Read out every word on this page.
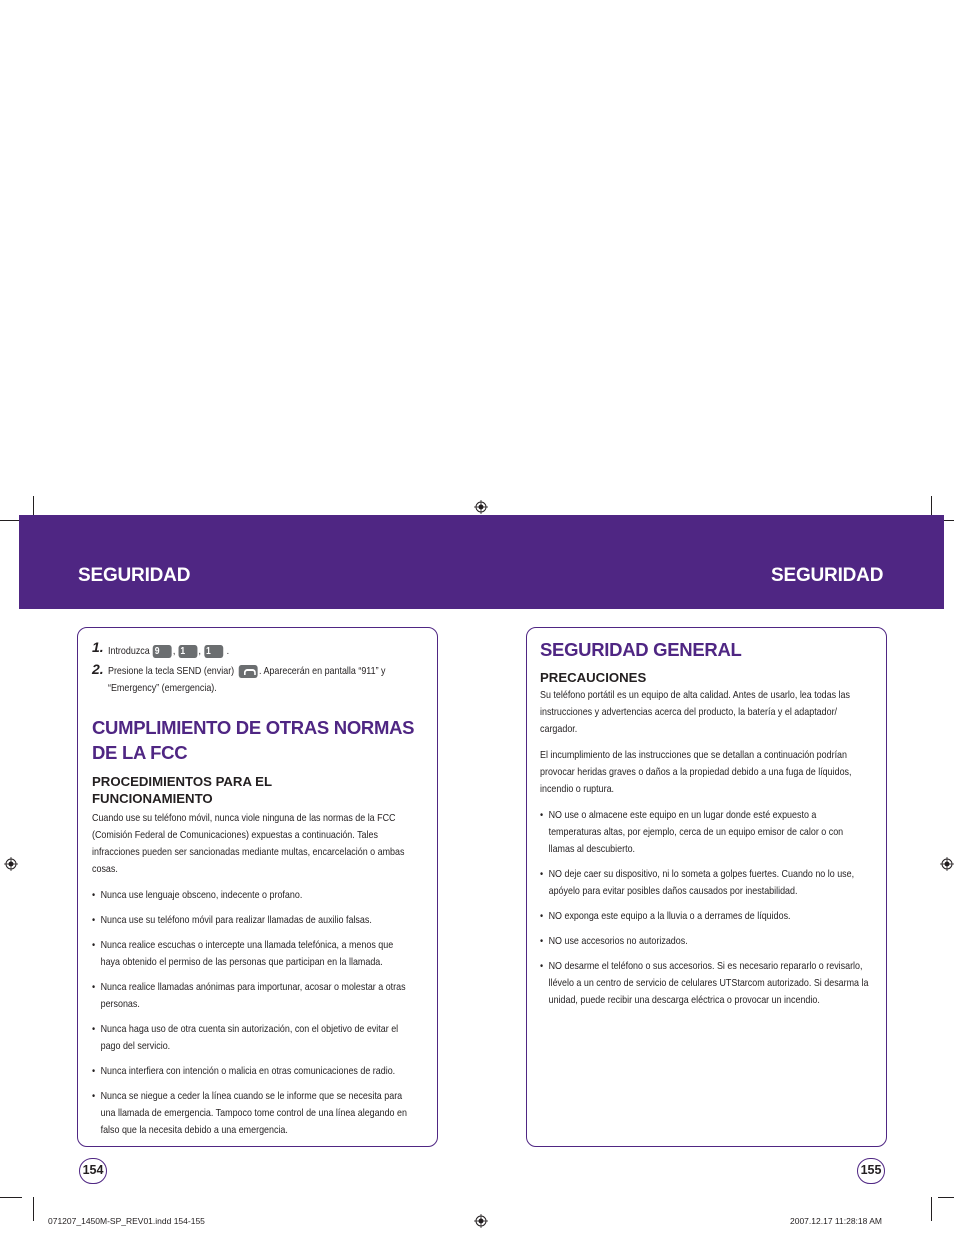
SEGURIDAD	SEGURIDAD
1. Introduzca 9 , 1 , 1 .
2. Presione la tecla SEND (enviar) . Aparecerán en pantalla “911” y “Emergency” (emergencia).
CUMPLIMIENTO DE OTRAS NORMAS
DE LA FCC
PROCEDIMIENTOS PARA EL
FUNCIONAMIENTO

Cuando use su teléfono móvil, nunca viole ninguna de las normas de la FCC (Comisión Federal de Comunicaciones) expuestas a continuación. Tales infracciones pueden ser sancionadas mediante multas, encarcelación o ambas cosas.

• Nunca use lenguaje obsceno, indecente o profano.
• Nunca use su teléfono móvil para realizar llamadas de auxilio falsas.
• Nunca realice escuchas o intercepte una llamada telefónica, a menos que haya obtenido el permiso de las personas que participan en la llamada.
• Nunca realice llamadas anónimas para importunar, acosar o molestar a otras personas.
• Nunca haga uso de otra cuenta sin autorización, con el objetivo de evitar el pago del servicio.
• Nunca interfiera con intención o malicia en otras comunicaciones de radio.
• Nunca se niegue a ceder la línea cuando se le informe que se necesita para una llamada de emergencia. Tampoco tome control de una línea alegando en falso que la necesita debido a una emergencia.
SEGURIDAD GENERAL
PRECAUCIONES

Su teléfono portátil es un equipo de alta calidad. Antes de usarlo, lea todas las instrucciones y advertencias acerca del producto, la batería y el adaptador/ cargador.

El incumplimiento de las instrucciones que se detallan a continuación podrían provocar heridas graves o daños a la propiedad debido a una fuga de líquidos, incendio o ruptura.

• NO use o almacene este equipo en un lugar donde esté expuesto a temperaturas altas, por ejemplo, cerca de un equipo emisor de calor o con llamas al descubierto.
• NO deje caer su dispositivo, ni lo someta a golpes fuertes. Cuando no lo use, apóyelo para evitar posibles daños causados por inestabilidad.
• NO exponga este equipo a la lluvia o a derrames de líquidos.
• NO use accesorios no autorizados.
• NO desarme el teléfono o sus accesorios. Si es necesario repararlo o revisarlo, llévelo a un centro de servicio de celulares UTStarcom autorizado. Si desarma la unidad, puede recibir una descarga eléctrica o provocar un incendio.
154	155
071207_1450M-SP_REV01.indd 154-155	2007.12.17 11:28:18 AM
